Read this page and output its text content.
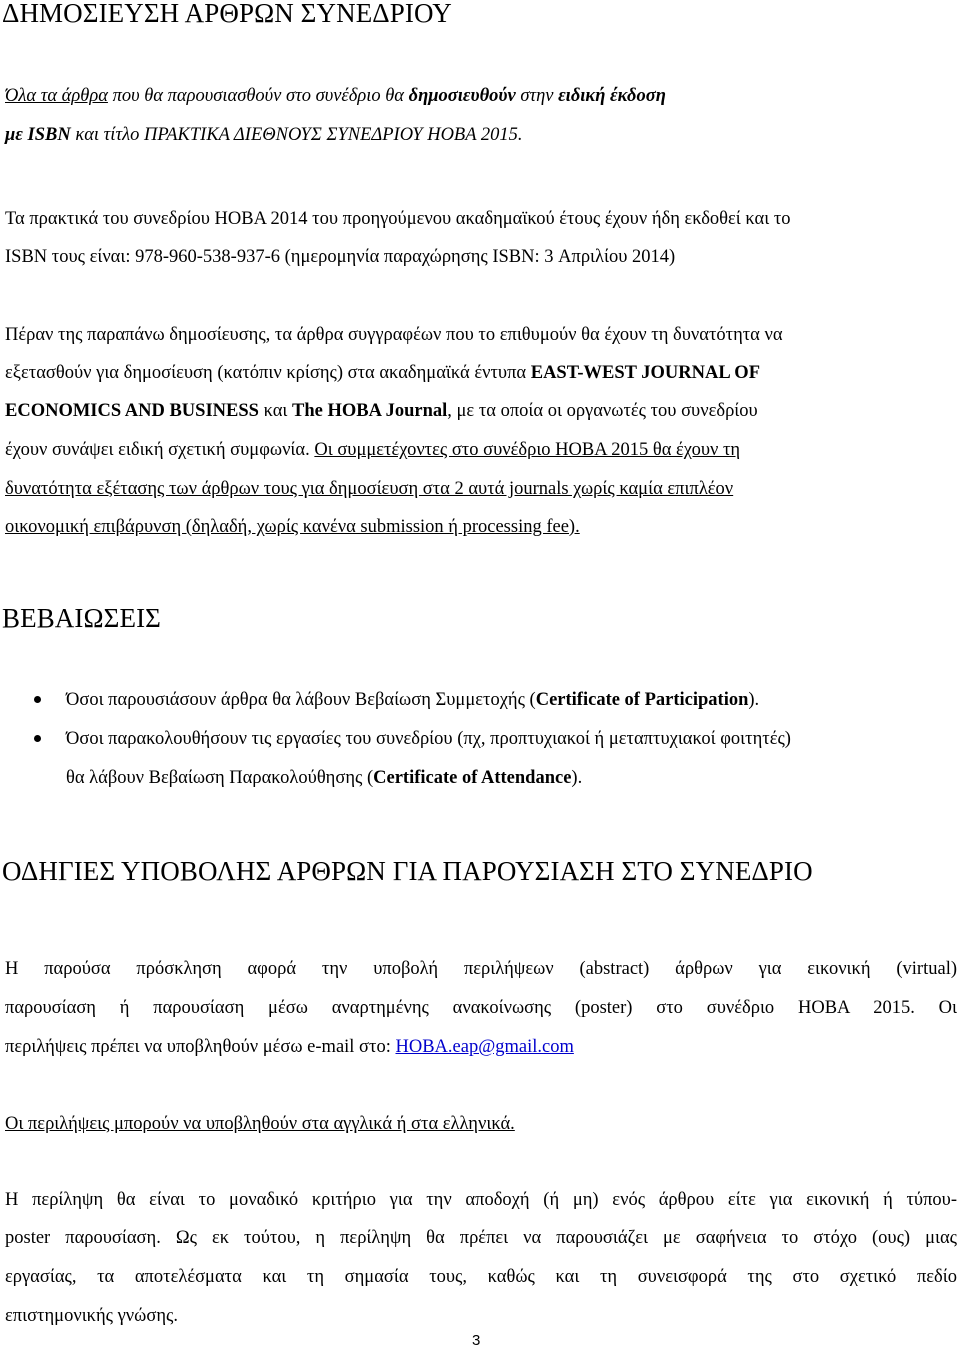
ΔΗΜΟΣΙΕΥΣΗ ΑΡΘΡΩΝ ΣΥΝΕΔΡΙΟΥ

Όλα τα άρθρα που θα παρουσιασθούν στο συνέδριο θα δημοσιευθούν στην ειδική έκδοση

με ISBN και τίτλο ΠΡΑΚΤΙΚΑ ΔΙΕΘΝΟΥΣ ΣΥΝΕΔΡΙΟΥ ΗΟΒΑ 2015.

Τα πρακτικά του συνεδρίου ΗΟΒΑ 2014 του προηγούμενου ακαδημαϊκού έτους έχουν ήδη εκδοθεί και το

ISBN τους είναι: 978-960-538-937-6 (ημερομηνία παραχώρησης ISBN: 3 Απριλίου 2014)

Πέραν της παραπάνω δημοσίευσης, τα άρθρα συγγραφέων που το επιθυμούν θα έχουν τη δυνατότητα να

εξετασθούν για δημοσίευση (κατόπιν κρίσης) στα ακαδημαϊκά έντυπα EAST-WEST JOURNAL OF

ECONOMICS AND BUSINESS και The HOBA Journal, με τα οποία οι οργανωτές του συνεδρίου

έχουν συνάψει ειδική σχετική συμφωνία. Οι συμμετέχοντες στο συνέδριο ΗΟΒΑ 2015 θα έχουν τη

δυνατότητα εξέτασης των άρθρων τους για δημοσίευση στα 2 αυτά journals χωρίς καμία επιπλέον

οικονομική επιβάρυνση (δηλαδή, χωρίς κανένα submission ή processing fee).

ΒΕΒΑΙΩΣΕΙΣ

Όσοι παρουσιάσουν άρθρα θα λάβουν Βεβαίωση Συμμετοχής (Certificate of Participation).

Όσοι παρακολουθήσουν τις εργασίες του συνεδρίου (πχ, προπτυχιακοί ή μεταπτυχιακοί φοιτητές)

θα λάβουν Βεβαίωση Παρακολούθησης (Certificate of Attendance).

ΟΔΗΓΙΕΣ ΥΠΟΒΟΛΗΣ ΑΡΘΡΩΝ ΓΙΑ ΠΑΡΟΥΣΙΑΣΗ ΣΤΟ ΣΥΝΕΔΡΙΟ

Η παρούσα πρόσκληση αφορά την υποβολή περιλήψεων (abstract) άρθρων για εικονική (virtual)

παρουσίαση ή παρουσίαση μέσω αναρτημένης ανακοίνωσης (poster) στο συνέδριο ΗΟΒΑ 2015. Οι

περιλήψεις πρέπει να υποβληθούν μέσω e-mail στο: HOBA.eap@gmail.com

Οι περιλήψεις μπορούν να υποβληθούν στα αγγλικά ή στα ελληνικά.

Η περίληψη θα είναι το μοναδικό κριτήριο για την αποδοχή (ή μη) ενός άρθρου είτε για εικονική ή τύπου-

poster παρουσίαση. Ως εκ τούτου, η περίληψη θα πρέπει να παρουσιάζει με σαφήνεια το στόχο (ους) μιας

εργασίας, τα αποτελέσματα και τη σημασία τους, καθώς και τη συνεισφορά της στο σχετικό πεδίο

επιστημονικής γνώσης.

3
